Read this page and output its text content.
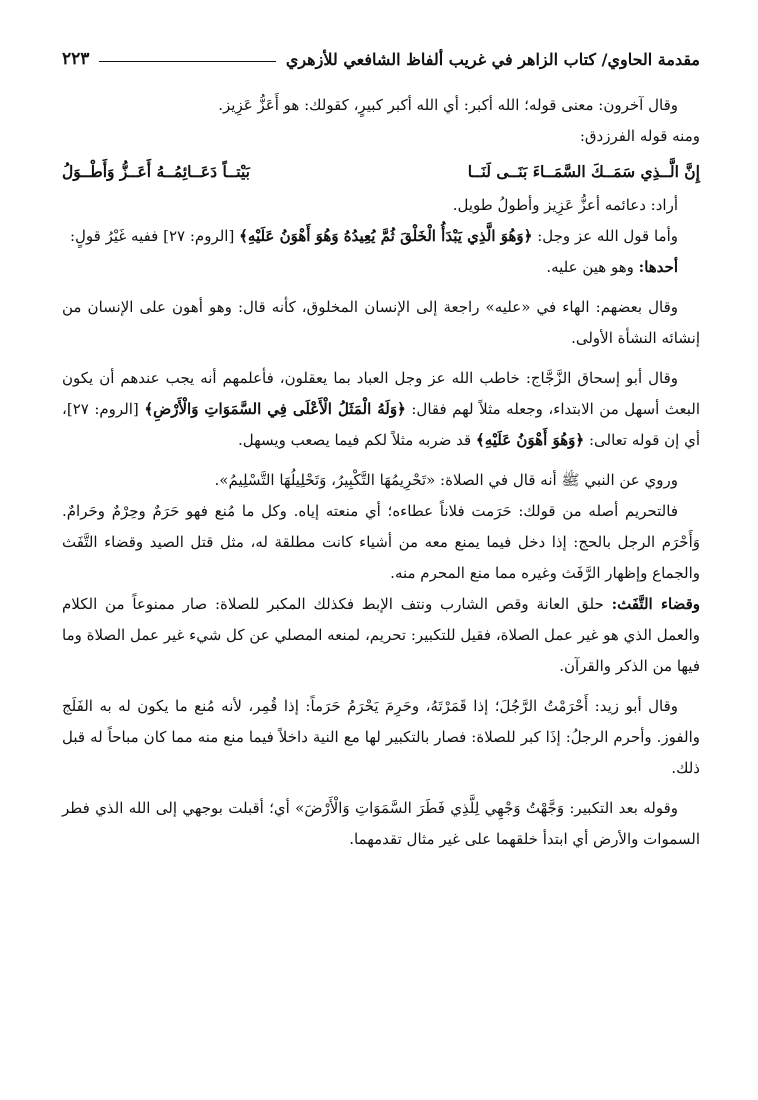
مقدمة الحاوي/ كتاب الزاهر في غريب ألفاظ الشافعي للأزهري
٢٢٣

وقال آخرون: معنى قوله؛ الله أكبر: أي الله أكبر كبيرٍ، كقولك: هو أَعَزُّ عَزِيز.

ومنه قوله الفرزدق:

إِنَّ الَّــذِي سَمَــكَ السَّمَــاءَ بَنَــى لَنَــا
بَيْتــاً دَعَــائِمُــهُ أَعَــزُّ وَأَطْــوَلُ

أراد: دعائمه أعزُّ عَزِيز وأطولُ طويل.

وأما قول الله عز وجل: ﴿وَهُوَ الَّذِي يَبْدَأُ الْخَلْقَ ثُمَّ يُعِيدُهُ وَهُوَ أَهْوَنُ عَلَيْهِ﴾ [الروم: ٢٧] ففيه غَيْرُ قولٍ:

أحدها: وهو هين عليه.

وقال بعضهم: الهاء في «عليه» راجعة إلى الإنسان المخلوق، كأنه قال: وهو أهون على الإنسان من إنشائه النشأة الأولى.

وقال أبو إسحاق الزَّجَّاج: خاطب الله عز وجل العباد بما يعقلون، فأعلمهم أنه يجب عندهم أن يكون البعث أسهل من الابتداء، وجعله مثلاً لهم فقال: ﴿وَلَهُ الْمَثَلُ الْأَعْلَى فِي السَّمَوَاتِ وَالْأَرْضِ﴾ [الروم: ٢٧]، أي إن قوله تعالى: ﴿وَهُوَ أَهْوَنُ عَلَيْهِ﴾ قد ضربه مثلاً لكم فيما يصعب ويسهل.

وروي عن النبي ﷺ أنه قال في الصلاة: «تَحْرِيمُهَا التَّكْبِيرُ، وَتَحْلِيلُهَا التَّسْلِيمُ».

فالتحريم أصله من قولك: حَرَمت فلاناً عطاءه؛ أي منعته إياه. وكل ما مُنع فهو حَرَمٌ وحِرْمٌ وحَرامٌ. وَأَحْرَم الرجل بالحج: إذا دخل فيما يمنع معه من أشياء كانت مطلقة له، مثل قتل الصيد وقضاء التَّفَث والجماع وإظهار الرَّفَث وغيره مما منع المحرم منه.

وقضاء التَّفَث: حلق العانة وقص الشارب ونتف الإبط فكذلك المكبر للصلاة: صار ممنوعاً من الكلام والعمل الذي هو غير عمل الصلاة، فقيل للتكبير: تحريم، لمنعه المصلي عن كل شيء غير عمل الصلاة وما فيها من الذكر والقرآن.

وقال أبو زيد: أَحْرَمْتُ الرَّجُلَ؛ إذا قَمَرْتَهُ، وحَرِمَ يَحْرَمُ حَرَماً: إذا قُمِر، لأنه مُنع ما يكون له به الفَلَج والفوز. وأحرم الرجلُ: إذَا كبر للصلاة: فصار بالتكبير لها مع النية داخلاً فيما منع منه مما كان مباحاً له قبل ذلك.

وقوله بعد التكبير: وَجَّهْتُ وَجْهِي لِلَّذِي فَطَرَ السَّمَوَاتِ وَالْأَرْضَ» أي؛ أقبلت بوجهي إلى الله الذي فطر السموات والأرض أي ابتدأ خلقهما على غير مثال تقدمهما.
